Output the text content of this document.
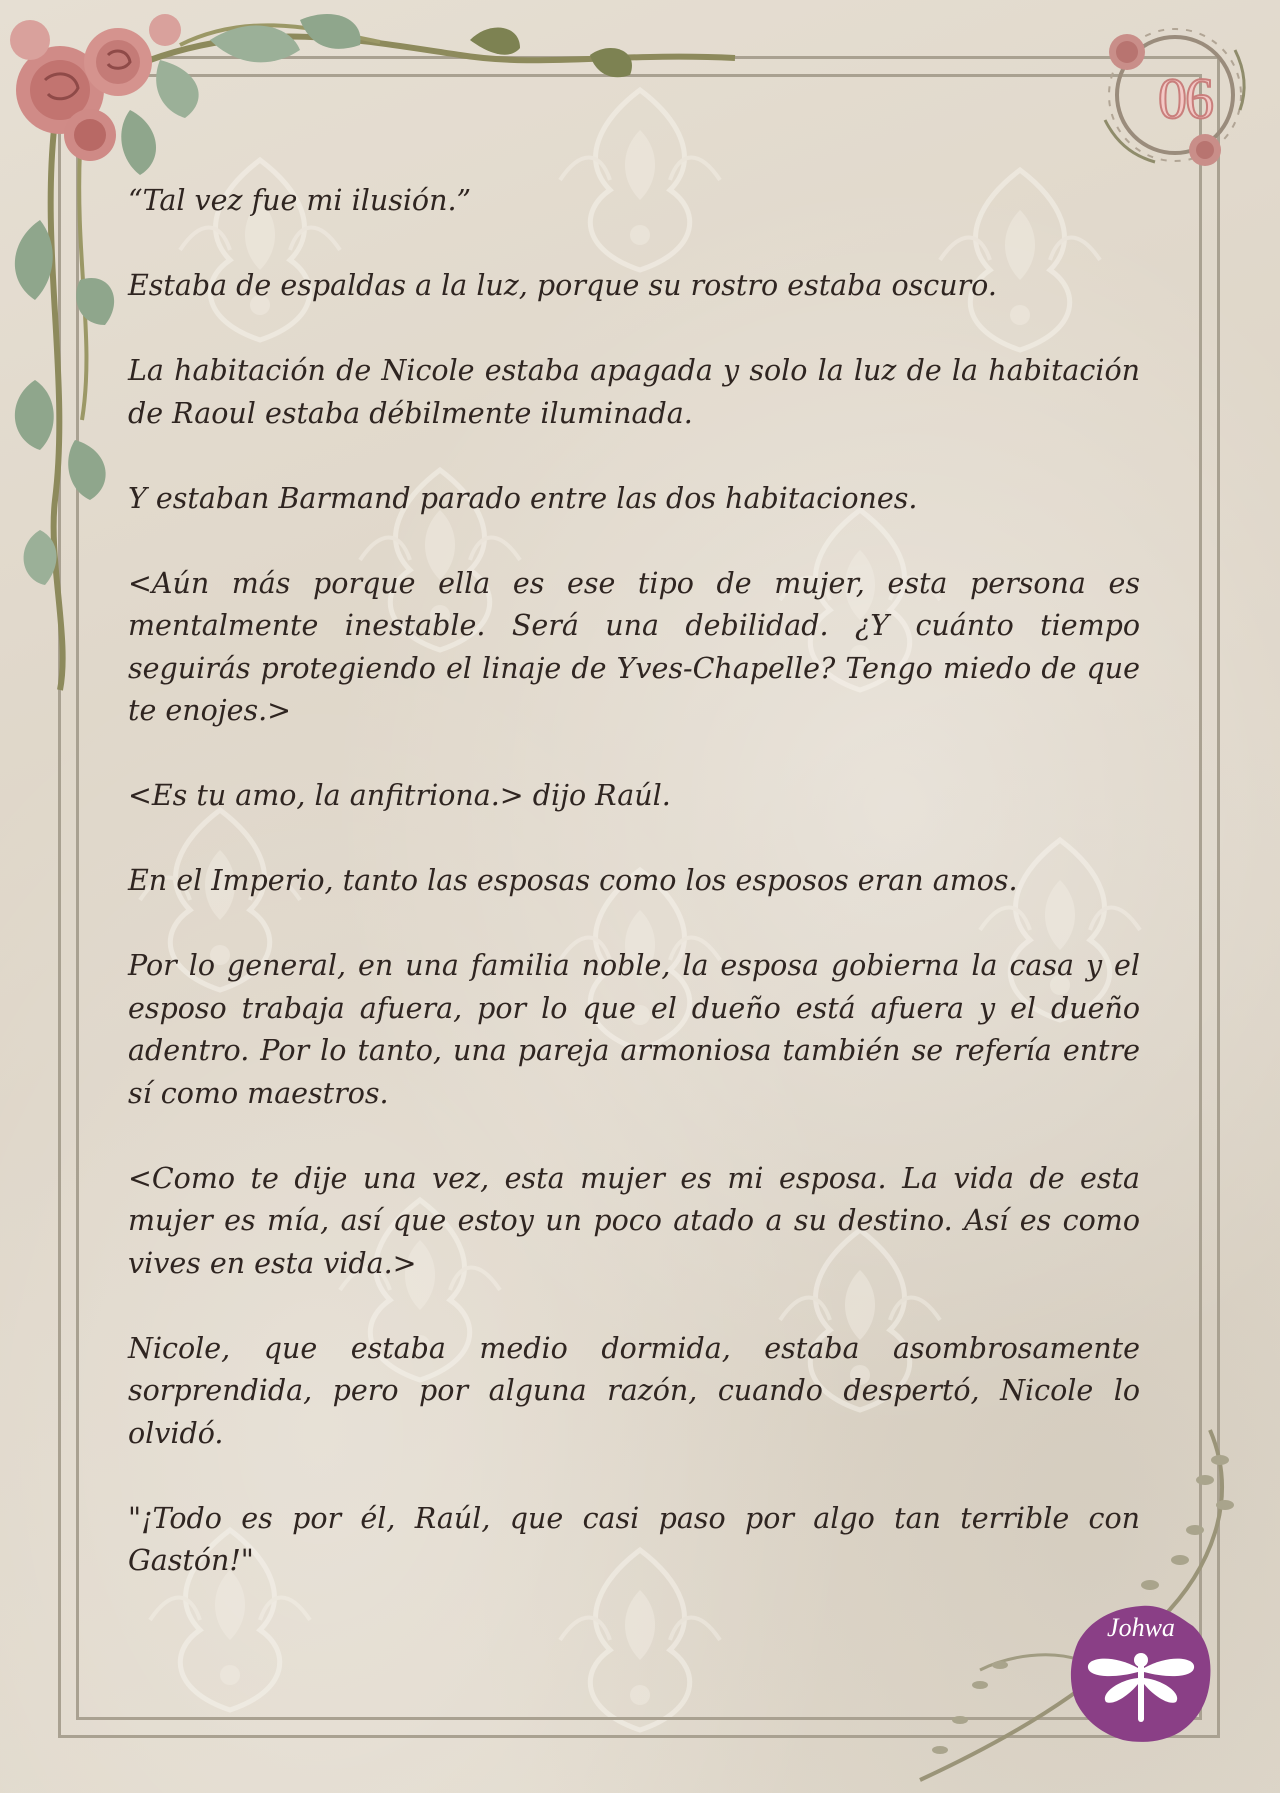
06
Johwa

“Tal vez fue mi ilusión.”

Estaba de espaldas a la luz, porque su rostro estaba oscuro.

La habitación de Nicole estaba apagada y solo la luz de la habitación de Raoul estaba débilmente iluminada.

Y estaban Barmand parado entre las dos habitaciones.

<Aún más porque ella es ese tipo de mujer, esta persona es mentalmente inestable. Será una debilidad. ¿Y cuánto tiempo seguirás protegiendo el linaje de Yves-Chapelle? Tengo miedo de que te enojes.>

<Es tu amo, la anfitriona.> dijo Raúl.

En el Imperio, tanto las esposas como los esposos eran amos.

Por lo general, en una familia noble, la esposa gobierna la casa y el esposo trabaja afuera, por lo que el dueño está afuera y el dueño adentro. Por lo tanto, una pareja armoniosa también se refería entre sí como maestros.

<Como te dije una vez, esta mujer es mi esposa. La vida de esta mujer es mía, así que estoy un poco atado a su destino. Así es como vives en esta vida.>

Nicole, que estaba medio dormida, estaba asombrosamente sorprendida, pero por alguna razón, cuando despertó, Nicole lo olvidó.

"¡Todo es por él, Raúl, que casi paso por algo tan terrible con Gastón!"
